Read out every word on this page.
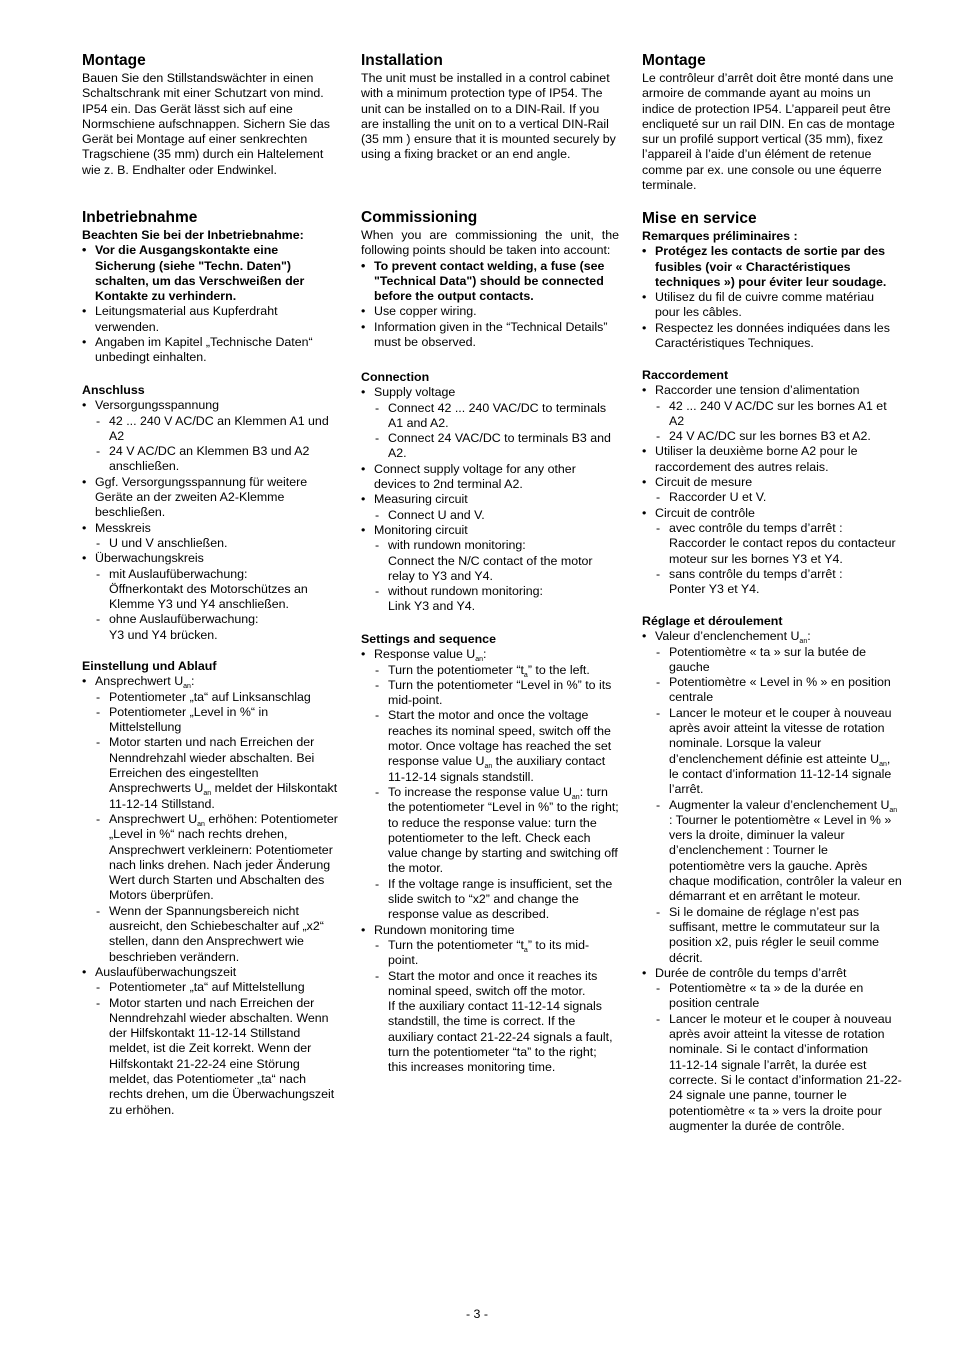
Montage

Bauen Sie den Stillstandswächter in einen Schaltschrank mit einer Schutzart von mind. IP54 ein. Das Gerät lässt sich auf eine Normschiene aufschnappen. Sichern Sie das Gerät bei Montage auf einer senkrechten Tragschiene (35 mm) durch ein Haltelement wie z. B. Endhalter oder Endwinkel.

Inbetriebnahme

Beachten Sie bei der Inbetriebnahme:

• Vor die Ausgangskontakte eine Sicherung (siehe "Techn. Daten") schalten, um das Verschweißen der Kontakte zu verhindern.
• Leitungsmaterial aus Kupferdraht verwenden.
• Angaben im Kapitel „Technische Daten“ unbedingt einhalten.
Anschluss
• Versorgungsspannung
- 42 ... 240 V AC/DC an Klemmen A1 und A2
- 24 V AC/DC an Klemmen B3 und A2 anschließen.
• Ggf. Versorgungsspannung für weitere Geräte an der zweiten A2-Klemme beschließen.
• Messkreis
- U und V anschließen.
• Überwachungskreis
- mit Auslaufüberwachung:
Öffnerkontakt des Motorschützes an Klemme Y3 und Y4 anschließen.
- ohne Auslaufüberwachung:
Y3 und Y4 brücken.
Einstellung und Ablauf
• Ansprechwert $U_{an}$:
- Potentiometer „ta“ auf Linksanschlag
- Potentiometer „Level in %“ in Mittelstellung
- Motor starten und nach Erreichen der Nenndrehzahl wieder abschalten. Bei Erreichen des eingestellten Ansprechwerts $U_{an}$ meldet der Hilskontakt 11-12-14 Stillstand.
- Ansprechwert $U_{an}$ erhöhen: Potentiometer „Level in %“ nach rechts drehen, Ansprechwert verkleinern: Potentiometer nach links drehen. Nach jeder Änderung Wert durch Starten und Abschalten des Motors überprüfen.
- Wenn der Spannungsbereich nicht ausreicht, den Schiebeschalter auf „x2“ stellen, dann den Ansprechwert wie beschrieben verändern.
• Auslaufüberwachungszeit
- Potentiometer „ta“ auf Mittelstellung
- Motor starten und nach Erreichen der Nenndrehzahl wieder abschalten. Wenn der Hilfskontakt 11-12-14 Stillstand meldet, ist die Zeit korrekt. Wenn der Hilfskontakt 21-22-24 eine Störung meldet, das Potentiometer „ta“ nach rechts drehen, um die Überwachungszeit zu erhöhen.
Installation

The unit must be installed in a control cabinet with a minimum protection type of IP54. The unit can be installed on to a DIN-Rail. If you are installing the unit on to a vertical DIN-Rail (35 mm ) ensure that it is mounted securely by using a fixing bracket or an end angle.

Commissioning

When you are commissioning the unit, the following points should be taken into account:

• To prevent contact welding, a fuse (see "Technical Data") should be connected before the output contacts.
• Use copper wiring.
• Information given in the “Technical Details” must be observed.
Connection
• Supply voltage
- Connect 42 ... 240 VAC/DC to terminals A1 and A2.
- Connect 24 VAC/DC to terminals B3 and A2.
• Connect supply voltage for any other devices to 2nd terminal A2.
• Measuring circuit
- Connect U and V.
• Monitoring circuit
- with rundown monitoring:
Connect the N/C contact of the motor relay to Y3 and Y4.
- without rundown monitoring:
Link Y3 and Y4.
Settings and sequence
• Response value $U_{an}$:
- Turn the potentiometer “$t_a$” to the left.
- Turn the potentiometer “Level in %” to its mid-point.
- Start the motor and once the voltage reaches its nominal speed, switch off the motor. Once voltage has reached the set response value $U_{an}$ the auxiliary contact 11-12-14 signals standstill.
- To increase the response value $U_{an}$: turn the potentiometer “Level in %” to the right; to reduce the response value: turn the potentiometer to the left. Check each value change by starting and switching off the motor.
- If the voltage range is insufficient, set the slide switch to “x2” and change the response value as described.
• Rundown monitoring time
- Turn the potentiometer “$t_a$” to its mid-point.
- Start the motor and once it reaches its nominal speed, switch off the motor.
If the auxiliary contact 11-12-14 signals standstill, the time is correct. If the auxiliary contact 21-22-24 signals a fault, turn the potentiometer “ta” to the right; this increases monitoring time.
Montage

Le contrôleur d’arrêt doit être monté dans une armoire de commande ayant au moins un indice de protection IP54. L’appareil peut être encliqueté sur un rail DIN. En cas de montage sur un profilé support vertical (35 mm), fixez l’appareil à l’aide d’un élément de retenue comme par ex. une console ou une équerre terminale.

Mise en service

Remarques préliminaires :

• Protégez les contacts de sortie par des fusibles (voir « Charactéristiques techniques ») pour éviter leur soudage.
• Utilisez du fil de cuivre comme matériau pour les câbles.
• Respectez les données indiquées dans les Caractéristiques Techniques.
Raccordement
• Raccorder une tension d’alimentation
- 42 ... 240 V AC/DC sur les bornes A1 et A2
- 24 V AC/DC sur les bornes B3 et A2.
• Utiliser la deuxième borne A2 pour le raccordement des autres relais.
• Circuit de mesure
- Raccorder U et V.
• Circuit de contrôle
- avec contrôle du temps d’arrêt :
Raccorder le contact repos du contacteur moteur sur les bornes Y3 et Y4.
- sans contrôle du temps d’arrêt :
Ponter Y3 et Y4.
Réglage et déroulement
• Valeur d’enclenchement $U_{an}$:
- Potentiomètre « ta » sur la butée de gauche
- Potentiomètre « Level in % » en position centrale
- Lancer le moteur et le couper à nouveau après avoir atteint la vitesse de rotation nominale. Lorsque la valeur d’enclenchement définie est atteinte $U_{an}$, le contact d’information 11-12-14 signale l’arrêt.
- Augmenter la valeur d’enclenchement $U_{an}$ : Tourner le potentiomètre « Level in % » vers la droite, diminuer la valeur d’enclenchement : Tourner le potentiomètre vers la gauche. Après chaque modification, contrôler la valeur en démarrant et en arrêtant le moteur.
- Si le domaine de réglage n’est pas suffisant, mettre le commutateur sur la position x2, puis régler le seuil comme décrit.
• Durée de contrôle du temps d’arrêt
- Potentiomètre « ta » de la durée en position centrale
- Lancer le moteur et le couper à nouveau après avoir atteint la vitesse de rotation nominale. Si le contact d’information
11-12-14 signale l’arrêt, la durée est correcte. Si le contact d’information 21-22-24 signale une panne, tourner le potentiomètre « ta » vers la droite pour augmenter la durée de contrôle.
- 3 -
